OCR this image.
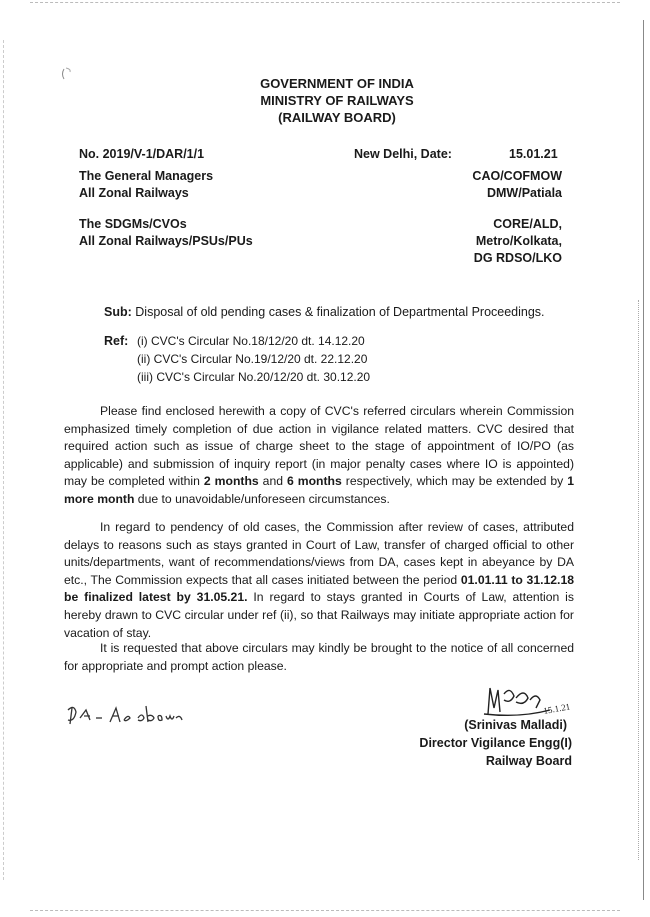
GOVERNMENT OF INDIA
MINISTRY OF RAILWAYS
(RAILWAY BOARD)
No. 2019/V-1/DAR/1/1	New Delhi, Date:	15.01.21
The General Managers
All Zonal Railways
The SDGMs/CVOs
All Zonal Railways/PSUs/PUs
CAO/COFMOW
DMW/Patiala
CORE/ALD,
Metro/Kolkata,
DG RDSO/LKO
Sub: Disposal of old pending cases & finalization of Departmental Proceedings.
Ref: (i) CVC's Circular No.18/12/20 dt. 14.12.20
(ii) CVC's Circular No.19/12/20 dt. 22.12.20
(iii) CVC's Circular No.20/12/20 dt. 30.12.20

Please find enclosed herewith a copy of CVC's referred circulars wherein Commission emphasized timely completion of due action in vigilance related matters. CVC desired that required action such as issue of charge sheet to the stage of appointment of IO/PO (as applicable) and submission of inquiry report (in major penalty cases where IO is appointed) may be completed within 2 months and 6 months respectively, which may be extended by 1 more month due to unavoidable/unforeseen circumstances.

In regard to pendency of old cases, the Commission after review of cases, attributed delays to reasons such as stays granted in Court of Law, transfer of charged official to other units/departments, want of recommendations/views from DA, cases kept in abeyance by DA etc., The Commission expects that all cases initiated between the period 01.01.11 to 31.12.18 be finalized latest by 31.05.21. In regard to stays granted in Courts of Law, attention is hereby drawn to CVC circular under ref (ii), so that Railways may initiate appropriate action for vacation of stay.

It is requested that above circulars may kindly be brought to the notice of all concerned for appropriate and prompt action please.

15.1.21
(Srinivas Malladi)
Director Vigilance Engg(I)
Railway Board
